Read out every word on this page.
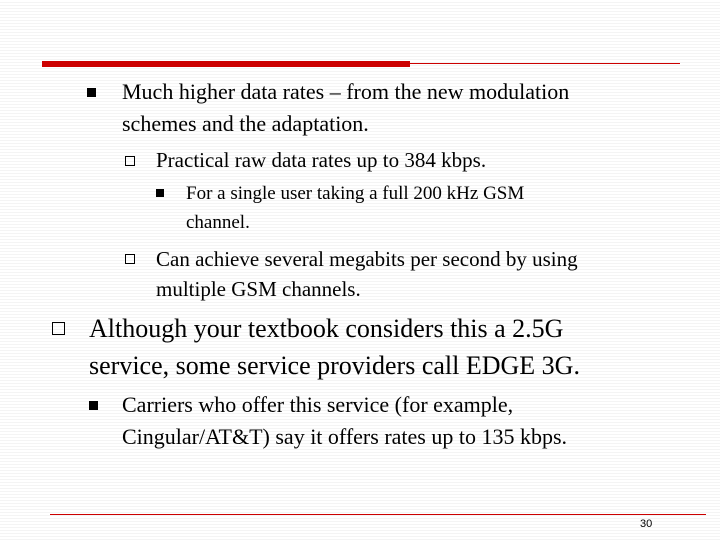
Much higher data rates – from the new modulation
schemes and the adaptation.
Practical raw data rates up to 384 kbps.
For a single user taking a full 200 kHz GSM
channel.
Can achieve several megabits per second by using
multiple GSM channels.
Although your textbook considers this a 2.5G
service, some service providers call EDGE 3G.
Carriers who offer this service (for example,
Cingular/AT&T) say it offers rates up to 135 kbps.
30
